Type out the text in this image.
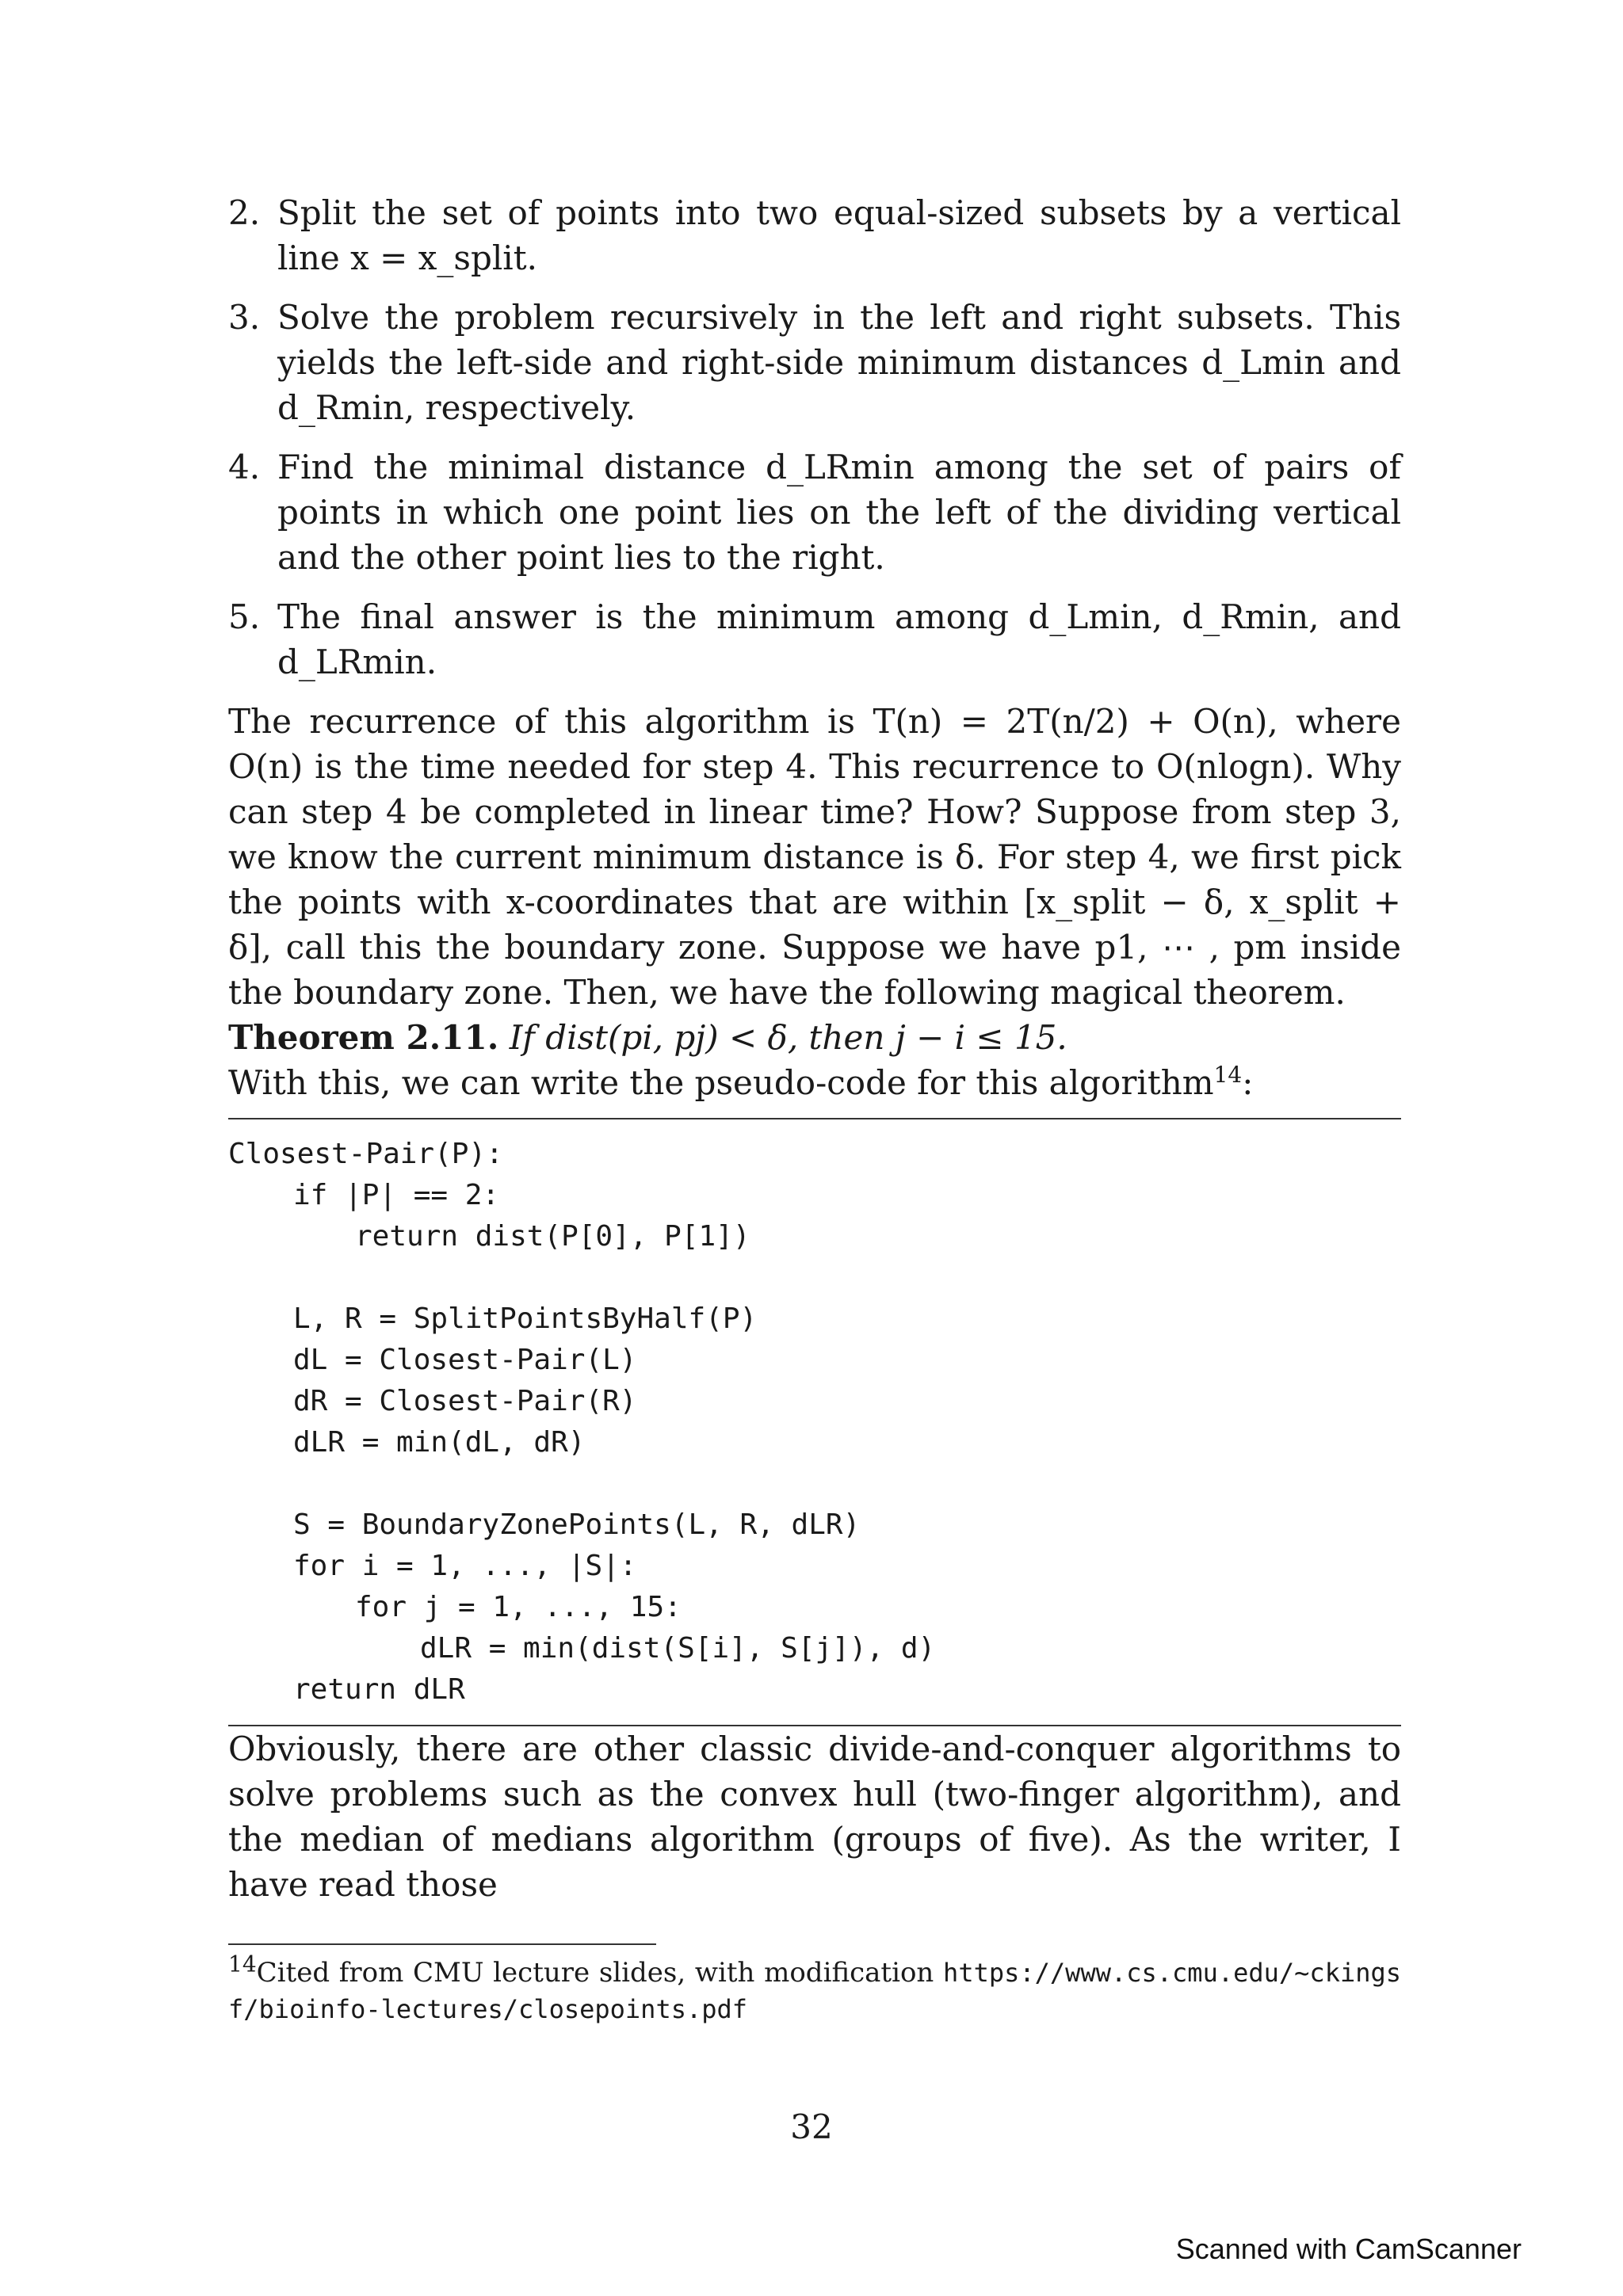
2. Split the set of points into two equal-sized subsets by a vertical line x = x_split.
3. Solve the problem recursively in the left and right subsets. This yields the left-side and right-side minimum distances d_Lmin and d_Rmin, respectively.
4. Find the minimal distance d_LRmin among the set of pairs of points in which one point lies on the left of the dividing vertical and the other point lies to the right.
5. The final answer is the minimum among d_Lmin, d_Rmin, and d_LRmin.

The recurrence of this algorithm is T(n) = 2T(n/2) + O(n), where O(n) is the time needed for step 4. This recurrence to O(nlogn). Why can step 4 be completed in linear time? How? Suppose from step 3, we know the current minimum distance is δ. For step 4, we first pick the points with x-coordinates that are within [x_split − δ, x_split + δ], call this the boundary zone. Suppose we have p1, ⋯ , pm inside the boundary zone. Then, we have the following magical theorem.

Theorem 2.11. If dist(pi, pj) < δ, then j − i ≤ 15.

With this, we can write the pseudo-code for this algorithm$^{14}$:

Closest-Pair(P):
if |P| == 2:
return dist(P[0], P[1])
L, R = SplitPointsByHalf(P)
dL = Closest-Pair(L)
dR = Closest-Pair(R)
dLR = min(dL, dR)
S = BoundaryZonePoints(L, R, dLR)
for i = 1, ..., |S|:
for j = 1, ..., 15:
dLR = min(dist(S[i], S[j]), d)
return dLR

Obviously, there are other classic divide-and-conquer algorithms to solve problems such as the convex hull (two-finger algorithm), and the median of medians algorithm (groups of five). As the writer, I have read those

$^{14}$Cited from CMU lecture slides, with modification https://www.cs.cmu.edu/~ckingsf/bioinfo-lectures/closepoints.pdf
32
Scanned with CamScanner
